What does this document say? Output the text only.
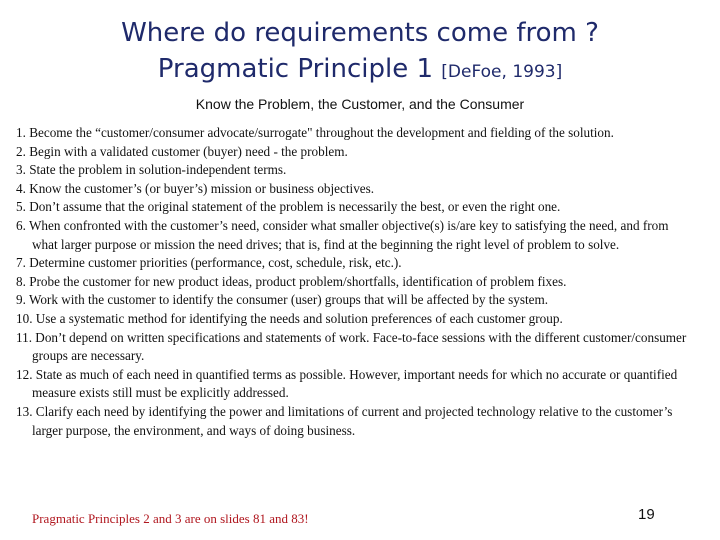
Where do requirements come from ?
Pragmatic Principle 1 [DeFoe, 1993]
Know the Problem, the Customer, and the Consumer
1. Become the “customer/consumer advocate/surrogate" throughout the development and fielding of the solution.
2. Begin with a validated customer (buyer) need - the problem.
3. State the problem in solution-independent terms.
4. Know the customer’s (or buyer’s) mission or business objectives.
5. Don’t assume that the original statement of the problem is necessarily the best, or even the right one.
6. When confronted with the customer’s need, consider what smaller objective(s) is/are key to satisfying the need, and from what larger purpose or mission the need drives; that is, find at the beginning the right level of problem to solve.
7. Determine customer priorities (performance, cost, schedule, risk, etc.).
8. Probe the customer for new product ideas, product problem/shortfalls, identification of problem fixes.
9. Work with the customer to identify the consumer (user) groups that will be affected by the system.
10. Use a systematic method for identifying the needs and solution preferences of each customer group.
11. Don’t depend on written specifications and statements of work. Face-to-face sessions with the different customer/consumer groups are necessary.
12. State as much of each need in quantified terms as possible. However, important needs for which no accurate or quantified measure exists still must be explicitly addressed.
13. Clarify each need by identifying the power and limitations of current and projected technology relative to the customer’s larger purpose, the environment, and ways of doing business.
Pragmatic Principles 2 and 3 are on slides 81 and 83!	19
